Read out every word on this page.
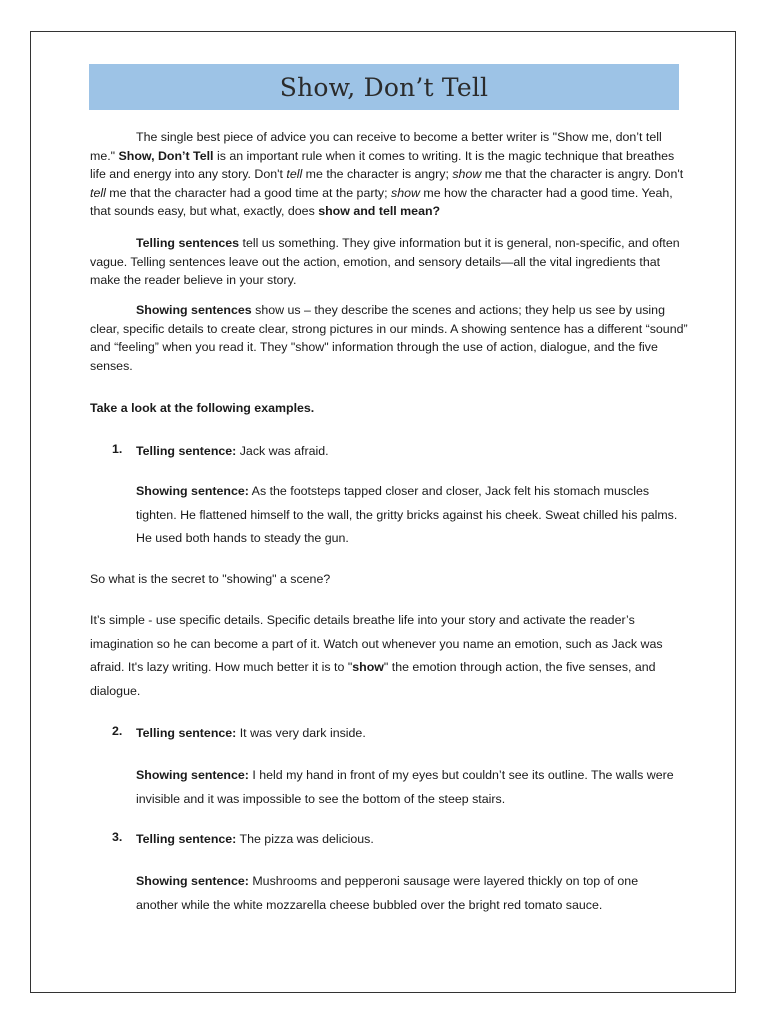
Show, Don’t Tell

The single best piece of advice you can receive to become a better writer is "Show me, don’t tell me." Show, Don’t Tell is an important rule when it comes to writing. It is the magic technique that breathes life and energy into any story. Don't tell me the character is angry; show me that the character is angry. Don't tell me that the character had a good time at the party; show me how the character had a good time. Yeah, that sounds easy, but what, exactly, does show and tell mean?

Telling sentences tell us something. They give information but it is general, non-specific, and often vague. Telling sentences leave out the action, emotion, and sensory details—all the vital ingredients that make the reader believe in your story.

Showing sentences show us – they describe the scenes and actions; they help us see by using clear, specific details to create clear, strong pictures in our minds. A showing sentence has a different “sound” and “feeling” when you read it. They "show" information through the use of action, dialogue, and the five senses.

Take a look at the following examples.

1. Telling sentence: Jack was afraid.

Showing sentence: As the footsteps tapped closer and closer, Jack felt his stomach muscles tighten. He flattened himself to the wall, the gritty bricks against his cheek. Sweat chilled his palms. He used both hands to steady the gun.

So what is the secret to "showing" a scene?

It’s simple - use specific details. Specific details breathe life into your story and activate the reader’s imagination so he can become a part of it. Watch out whenever you name an emotion, such as Jack was afraid. It's lazy writing. How much better it is to "show" the emotion through action, the five senses, and dialogue.

2. Telling sentence: It was very dark inside.

Showing sentence: I held my hand in front of my eyes but couldn’t see its outline. The walls were invisible and it was impossible to see the bottom of the steep stairs.

3. Telling sentence: The pizza was delicious.

Showing sentence: Mushrooms and pepperoni sausage were layered thickly on top of one another while the white mozzarella cheese bubbled over the bright red tomato sauce.
